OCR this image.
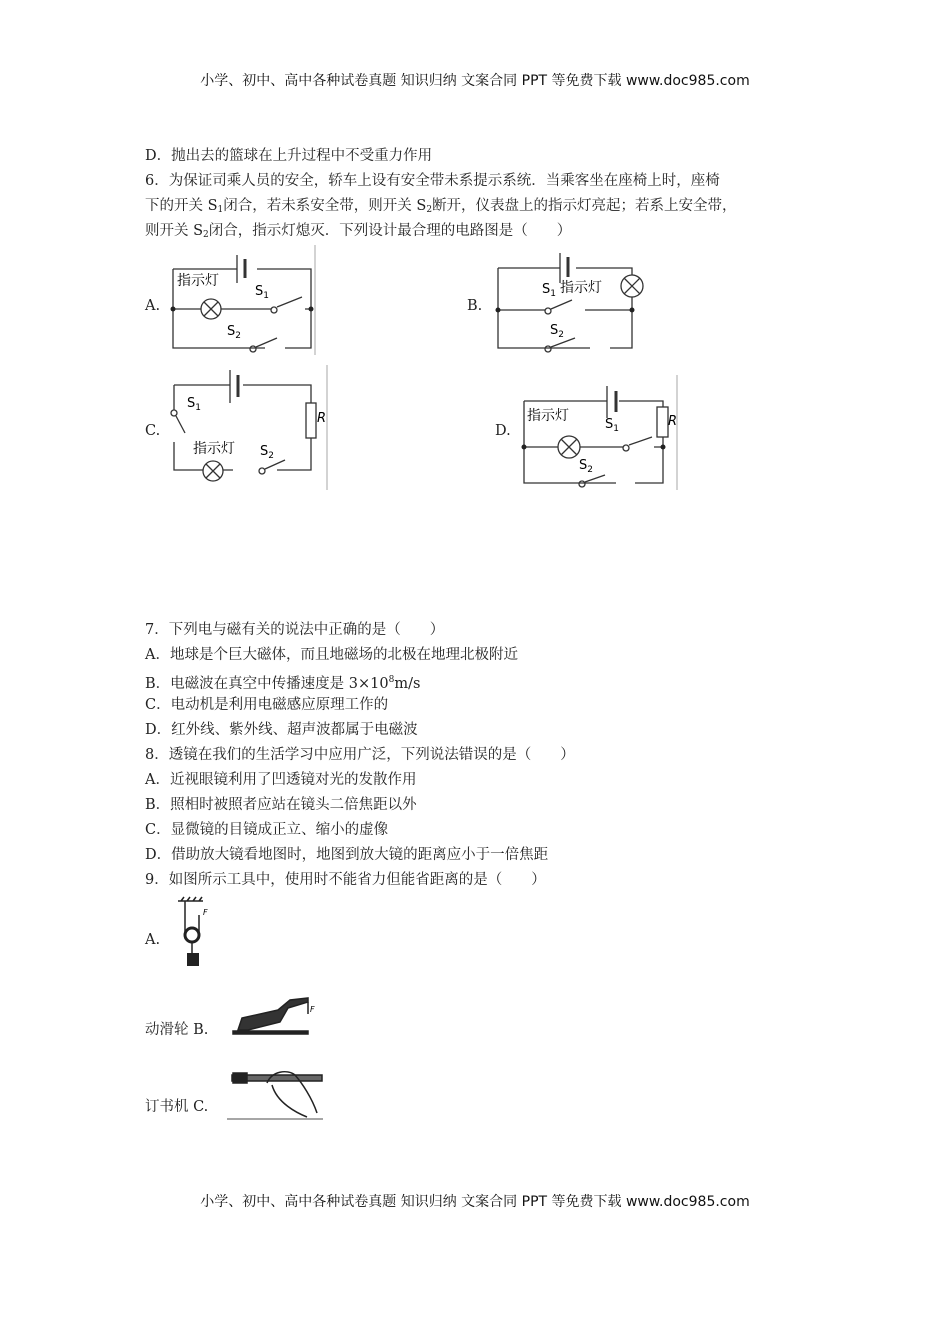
小学、初中、高中各种试卷真题 知识归纳 文案合同 PPT 等免费下载 www.doc985.com
D．抛出去的篮球在上升过程中不受重力作用
6．为保证司乘人员的安全，轿车上设有安全带未系提示系统．当乘客坐在座椅上时，座椅
下的开关 $S_1$闭合，若未系安全带，则开关 $S_2$断开，仪表盘上的指示灯亮起；若系上安全带，
则开关 $S_2$闭合，指示灯熄灭．下列设计最合理的电路图是（　　）
A.
指示灯
$S_1$
$S_2$
B.
$S_1$ 指示灯
$S_2$
C.
$S_1$
指示灯 $S_2$
R
D.
指示灯
$S_1$
$S_2$
R
7．下列电与磁有关的说法中正确的是（　　）
A．地球是个巨大磁体，而且地磁场的北极在地理北极附近
B．电磁波在真空中传播速度是 $3\times 10^8m/s$
C．电动机是利用电磁感应原理工作的
D．红外线、紫外线、超声波都属于电磁波
8．透镜在我们的生活学习中应用广泛，下列说法错误的是（　　）
A．近视眼镜利用了凹透镜对光的发散作用
B．照相时被照者应站在镜头二倍焦距以外
C．显微镜的目镜成正立、缩小的虚像
D．借助放大镜看地图时，地图到放大镜的距离应小于一倍焦距
9．如图所示工具中，使用时不能省力但能省距离的是（　　）
A.
F
动滑轮 B.
F
订书机 C.
小学、初中、高中各种试卷真题 知识归纳 文案合同 PPT 等免费下载 www.doc985.com
